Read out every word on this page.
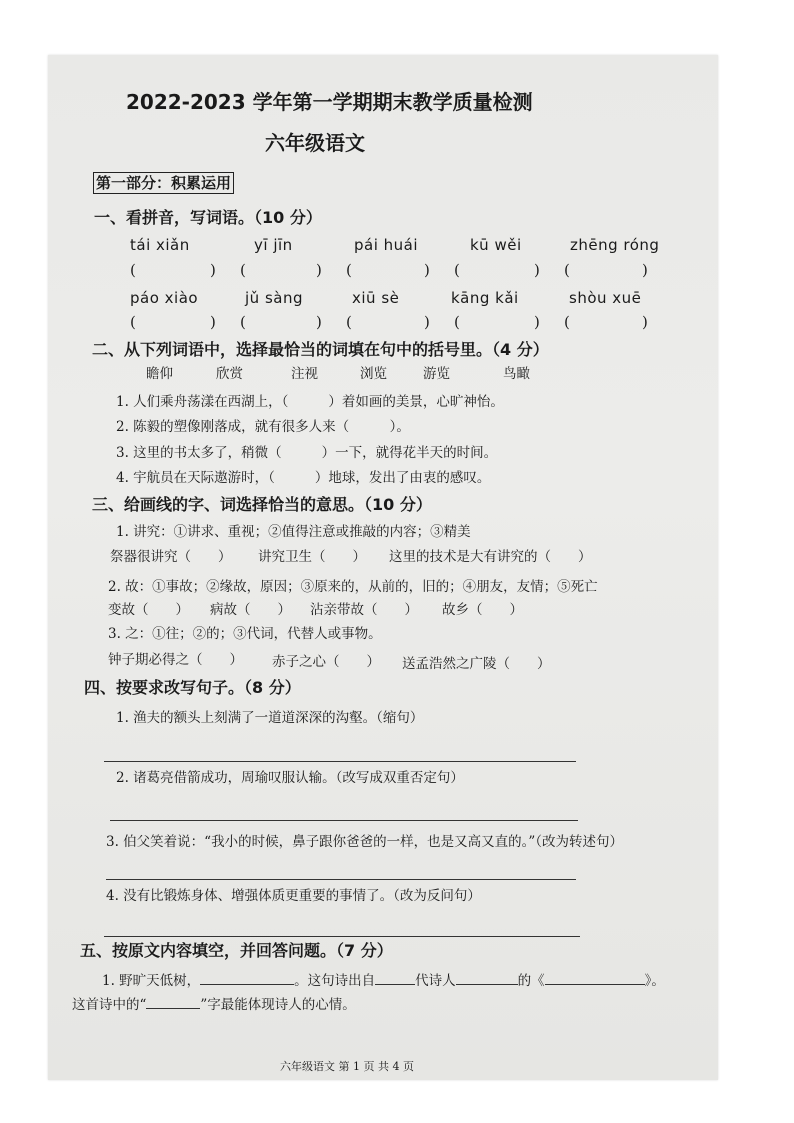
2022-2023 学年第一学期期末教学质量检测
六年级语文
第一部分：积累运用
一、看拼音，写词语。（10 分）
tái xiǎn	yī jīn	pái huái	kū wěi	zhēng róng
(	) (	) (	) (	) (	)
páo xiào	jǔ sàng	xiū sè	kāng kǎi	shòu xuē
(	) (	) (	) (	) (	)
二、从下列词语中，选择最恰当的词填在句中的括号里。（4 分）
瞻仰	欣赏	注视	浏览	游览	鸟瞰
1. 人们乘舟荡漾在西湖上，（	）着如画的美景，心旷神怡。
2. 陈毅的塑像刚落成，就有很多人来（　　　）。
3. 这里的书太多了，稍微（	）一下，就得花半天的时间。
4. 宇航员在天际遨游时，（	）地球，发出了由衷的感叹。
三、给画线的字、词选择恰当的意思。（10 分）
1. 讲究：①讲求、重视；②值得注意或推敲的内容；③精美
祭器很讲究（　　） 讲究卫生（　　） 这里的技术是大有讲究的（　　）
2. 故：①事故；②缘故，原因；③原来的，从前的，旧的；④朋友，友情；⑤死亡
变故（　　） 病故（　　） 沾亲带故（　　） 故乡（　　）
3. 之：①往；②的；③代词，代替人或事物。
钟子期必得之（　　） 赤子之心（　　） 送孟浩然之广陵（　　）
四、按要求改写句子。（8 分）
1. 渔夫的额头上刻满了一道道深深的沟壑。（缩句）
2. 诸葛亮借箭成功，周瑜叹服认输。（改写成双重否定句）
3. 伯父笑着说：“我小的时候，鼻子跟你爸爸的一样，也是又高又直的。”（改为转述句）
4. 没有比锻炼身体、增强体质更重要的事情了。（改为反问句）
五、按原文内容填空，并回答问题。（7 分）
1. 野旷天低树，	。这句诗出自	代诗人	的《	》。
这首诗中的“	”字最能体现诗人的心情。
六年级语文 第 1 页 共 4 页
